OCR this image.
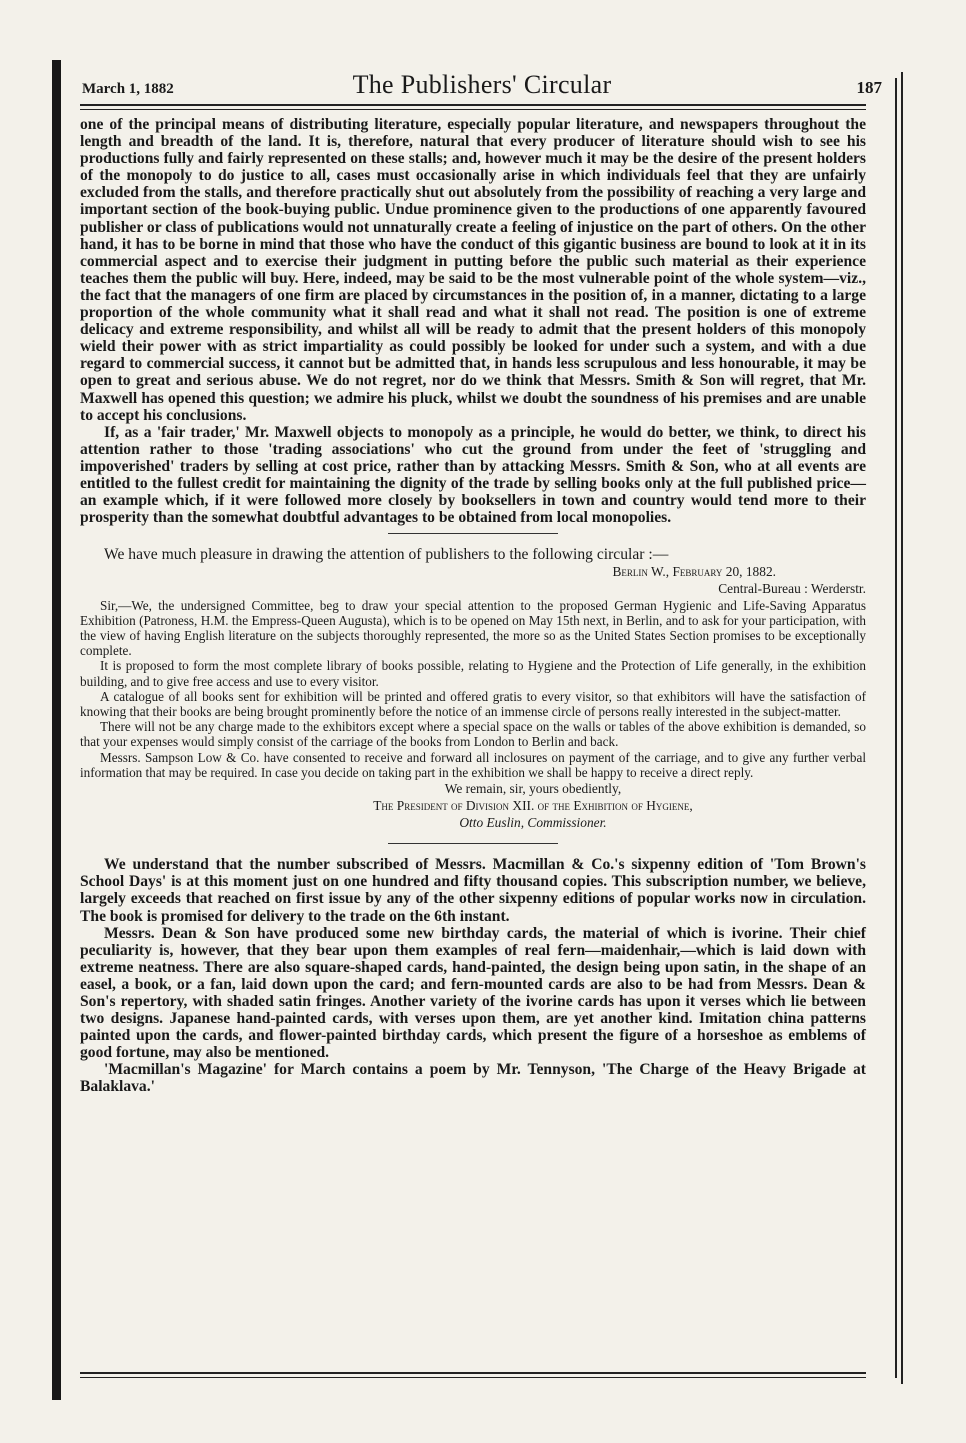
March 1, 1882	The Publishers' Circular	187

one of the principal means of distributing literature, especially popular literature, and newspapers throughout the length and breadth of the land. It is, therefore, natural that every producer of literature should wish to see his productions fully and fairly represented on these stalls; and, however much it may be the desire of the present holders of the monopoly to do justice to all, cases must occasionally arise in which individuals feel that they are unfairly excluded from the stalls, and therefore practically shut out absolutely from the possibility of reaching a very large and important section of the book-buying public. Undue prominence given to the productions of one apparently favoured publisher or class of publications would not unnaturally create a feeling of injustice on the part of others. On the other hand, it has to be borne in mind that those who have the conduct of this gigantic business are bound to look at it in its commercial aspect and to exercise their judgment in putting before the public such material as their experience teaches them the public will buy. Here, indeed, may be said to be the most vulnerable point of the whole system—viz., the fact that the managers of one firm are placed by circumstances in the position of, in a manner, dictating to a large proportion of the whole community what it shall read and what it shall not read. The position is one of extreme delicacy and extreme responsibility, and whilst all will be ready to admit that the present holders of this monopoly wield their power with as strict impartiality as could possibly be looked for under such a system, and with a due regard to commercial success, it cannot but be admitted that, in hands less scrupulous and less honourable, it may be open to great and serious abuse. We do not regret, nor do we think that Messrs. Smith & Son will regret, that Mr. Maxwell has opened this question; we admire his pluck, whilst we doubt the soundness of his premises and are unable to accept his conclusions.

If, as a 'fair trader,' Mr. Maxwell objects to monopoly as a principle, he would do better, we think, to direct his attention rather to those 'trading associations' who cut the ground from under the feet of 'struggling and impoverished' traders by selling at cost price, rather than by attacking Messrs. Smith & Son, who at all events are entitled to the fullest credit for maintaining the dignity of the trade by selling books only at the full published price—an example which, if it were followed more closely by booksellers in town and country would tend more to their prosperity than the somewhat doubtful advantages to be obtained from local monopolies.

We have much pleasure in drawing the attention of publishers to the following circular :—

Berlin W., February 20, 1882.
Central-Bureau : Werderstr.

Sir,—We, the undersigned Committee, beg to draw your special attention to the proposed German Hygienic and Life-Saving Apparatus Exhibition (Patroness, H.M. the Empress-Queen Augusta), which is to be opened on May 15th next, in Berlin, and to ask for your participation, with the view of having English literature on the subjects thoroughly represented, the more so as the United States Section promises to be exceptionally complete.

It is proposed to form the most complete library of books possible, relating to Hygiene and the Protection of Life generally, in the exhibition building, and to give free access and use to every visitor.

A catalogue of all books sent for exhibition will be printed and offered gratis to every visitor, so that exhibitors will have the satisfaction of knowing that their books are being brought prominently before the notice of an immense circle of persons really interested in the subject-matter.

There will not be any charge made to the exhibitors except where a special space on the walls or tables of the above exhibition is demanded, so that your expenses would simply consist of the carriage of the books from London to Berlin and back.

Messrs. Sampson Low & Co. have consented to receive and forward all inclosures on payment of the carriage, and to give any further verbal information that may be required. In case you decide on taking part in the exhibition we shall be happy to receive a direct reply.

We remain, sir, yours obediently,
The President of Division XII. of the Exhibition of Hygiene,
Otto Euslin, Commissioner.

We understand that the number subscribed of Messrs. Macmillan & Co.'s sixpenny edition of 'Tom Brown's School Days' is at this moment just on one hundred and fifty thousand copies. This subscription number, we believe, largely exceeds that reached on first issue by any of the other sixpenny editions of popular works now in circulation. The book is promised for delivery to the trade on the 6th instant.

Messrs. Dean & Son have produced some new birthday cards, the material of which is ivorine. Their chief peculiarity is, however, that they bear upon them examples of real fern—maidenhair,—which is laid down with extreme neatness. There are also square-shaped cards, hand-painted, the design being upon satin, in the shape of an easel, a book, or a fan, laid down upon the card; and fern-mounted cards are also to be had from Messrs. Dean & Son's repertory, with shaded satin fringes. Another variety of the ivorine cards has upon it verses which lie between two designs. Japanese hand-painted cards, with verses upon them, are yet another kind. Imitation china patterns painted upon the cards, and flower-painted birthday cards, which present the figure of a horseshoe as emblems of good fortune, may also be mentioned.

'Macmillan's Magazine' for March contains a poem by Mr. Tennyson, 'The Charge of the Heavy Brigade at Balaklava.'
